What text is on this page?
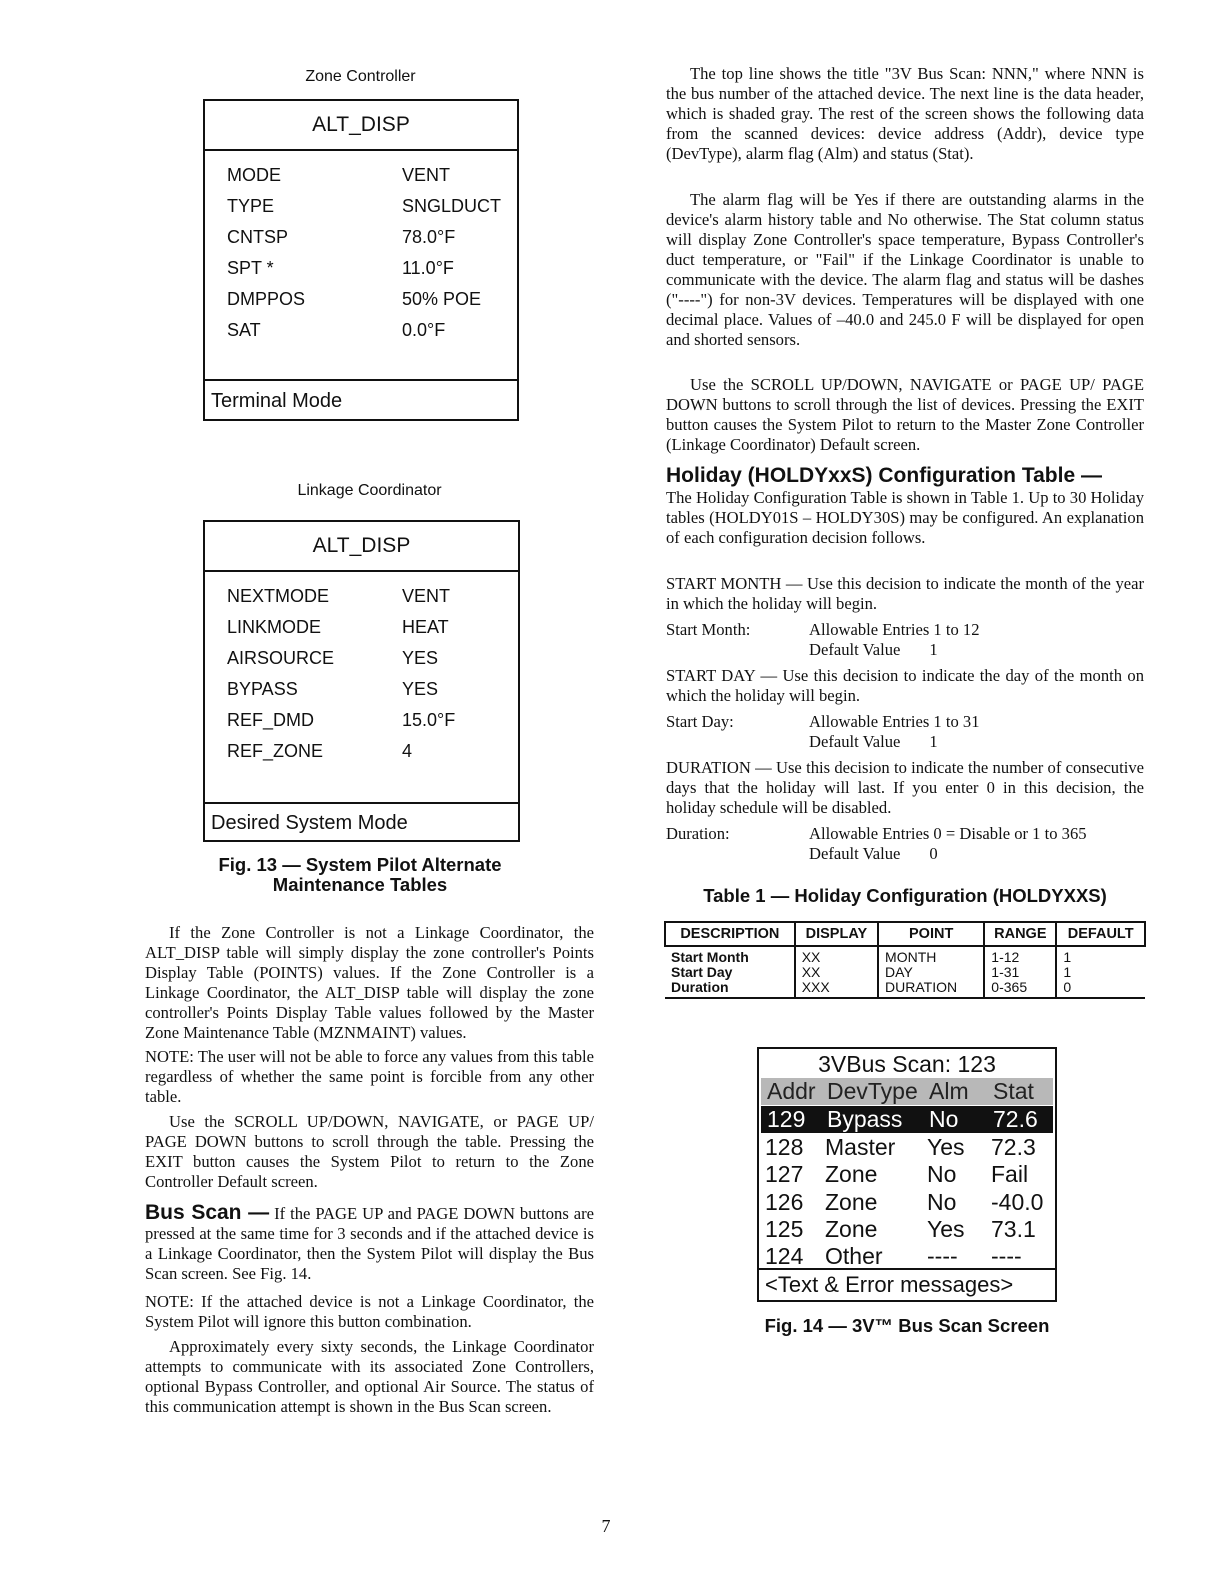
Zone Controller
ALT_DISP
MODE	VENT
TYPE	SNGLDUCT
CNTSP	78.0°F
SPT *	11.0°F
DMPPOS	50% POE
SAT	0.0°F
Terminal Mode
Linkage Coordinator
ALT_DISP
NEXTMODE	VENT
LINKMODE	HEAT
AIRSOURCE	YES
BYPASS	YES
REF_DMD	15.0°F
REF_ZONE	4
Desired System Mode
Fig. 13 — System Pilot Alternate
Maintenance Tables

If the Zone Controller is not a Linkage Coordinator, the ALT_DISP table will simply display the zone controller's Points Display Table (POINTS) values. If the Zone Controller is a Linkage Coordinator, the ALT_DISP table will display the zone controller's Points Display Table values followed by the Master Zone Maintenance Table (MZNMAINT) values.

NOTE: The user will not be able to force any values from this table regardless of whether the same point is forcible from any other table.

Use the SCROLL UP/DOWN, NAVIGATE, or PAGE UP/ PAGE DOWN buttons to scroll through the table. Pressing the EXIT button causes the System Pilot to return to the Zone Controller Default screen.

Bus Scan — If the PAGE UP and PAGE DOWN buttons are pressed at the same time for 3 seconds and if the attached device is a Linkage Coordinator, then the System Pilot will display the Bus Scan screen. See Fig. 14.

NOTE: If the attached device is not a Linkage Coordinator, the System Pilot will ignore this button combination.

Approximately every sixty seconds, the Linkage Coordinator attempts to communicate with its associated Zone Controllers, optional Bypass Controller, and optional Air Source. The status of this communication attempt is shown in the Bus Scan screen.

The top line shows the title "3V Bus Scan: NNN," where NNN is the bus number of the attached device. The next line is the data header, which is shaded gray. The rest of the screen shows the following data from the scanned devices: device address (Addr), device type (DevType), alarm flag (Alm) and status (Stat).

The alarm flag will be Yes if there are outstanding alarms in the device's alarm history table and No otherwise. The Stat column status will display Zone Controller's space temperature, Bypass Controller's duct temperature, or "Fail" if the Linkage Coordinator is unable to communicate with the device. The alarm flag and status will be dashes ("----") for non-3V devices. Temperatures will be displayed with one decimal place. Values of –40.0 and 245.0 F will be displayed for open and shorted sensors.

Use the SCROLL UP/DOWN, NAVIGATE or PAGE UP/ PAGE DOWN buttons to scroll through the list of devices. Pressing the EXIT button causes the System Pilot to return to the Master Zone Controller (Linkage Coordinator) Default screen.

Holiday (HOLDYxxS) Configuration Table —

The Holiday Configuration Table is shown in Table 1. Up to 30 Holiday tables (HOLDY01S – HOLDY30S) may be configured. An explanation of each configuration decision follows.

START MONTH — Use this decision to indicate the month of the year in which the holiday will begin.

Start Month:	Allowable Entries 1 to 12
Default Value       1

START DAY — Use this decision to indicate the day of the month on which the holiday will begin.

Start Day:	Allowable Entries 1 to 31
Default Value       1

DURATION — Use this decision to indicate the number of consecutive days that the holiday will last. If you enter 0 in this decision, the holiday schedule will be disabled.

Duration:	Allowable Entries 0 = Disable or 1 to 365
Default Value       0
Table 1 — Holiday Configuration (HOLDYXXS)
DESCRIPTION	DISPLAY	POINT	RANGE	DEFAULT
Start Month	XX	MONTH	1-12	1
Start Day	XX	DAY	1-31	1
Duration	XXX	DURATION	0-365	0
3VBus Scan: 123
Addr DevType Alm Stat
129 Bypass No 72.6
128 Master Yes 72.3
127 Zone No Fail
126 Zone No -40.0
125 Zone Yes 73.1
124 Other ---- ----
<Text & Error messages>
Fig. 14 — 3V™ Bus Scan Screen
7
